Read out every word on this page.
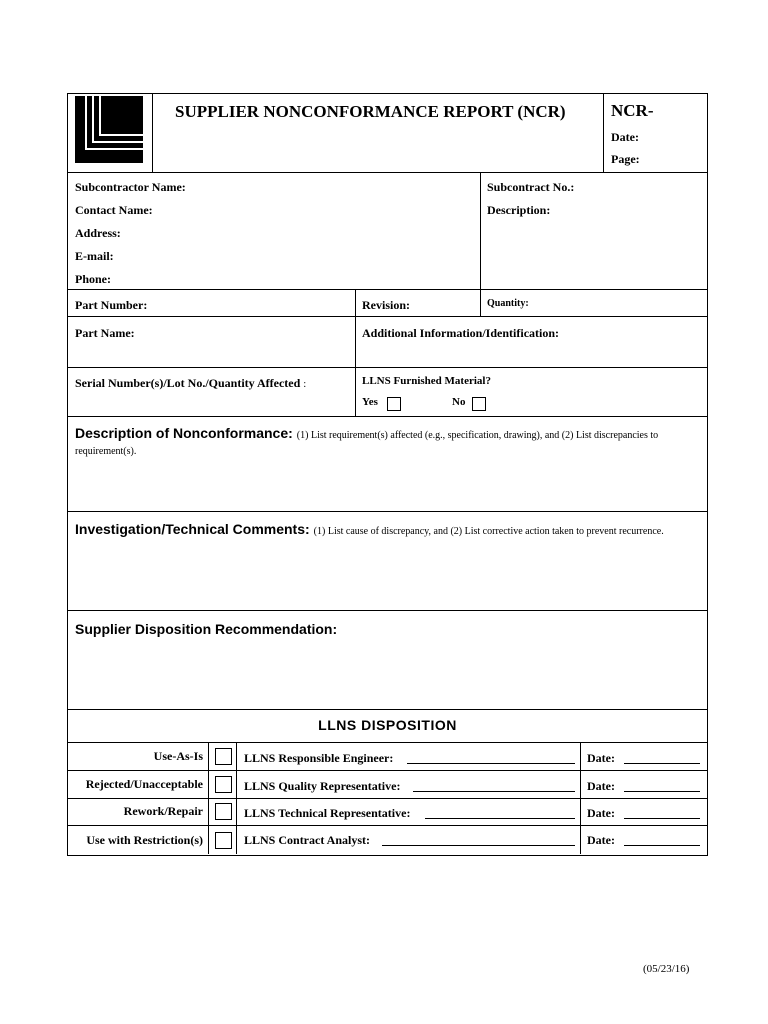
SUPPLIER NONCONFORMANCE REPORT (NCR)	NCR-
Date:
Page:
Subcontractor Name:
Contact Name:
Address:
E-mail:
Phone:
Subcontract No.:
Description:
Part Number:	Revision:	Quantity:
Part Name:	Additional Information/Identification:
Serial Number(s)/Lot No./Quantity Affected :	LLNS Furnished Material?
Yes	No
Description of Nonconformance: (1) List requirement(s) affected (e.g., specification, drawing), and (2) List discrepancies to requirement(s).
Investigation/Technical Comments: (1) List cause of discrepancy, and (2) List corrective action taken to prevent recurrence.
Supplier Disposition Recommendation:
LLNS DISPOSITION
Use-As-Is	LLNS Responsible Engineer:	Date:
Rejected/Unacceptable	LLNS Quality Representative:	Date:
Rework/Repair	LLNS Technical Representative:	Date:
Use with Restriction(s)	LLNS Contract Analyst:	Date:
(05/23/16)
